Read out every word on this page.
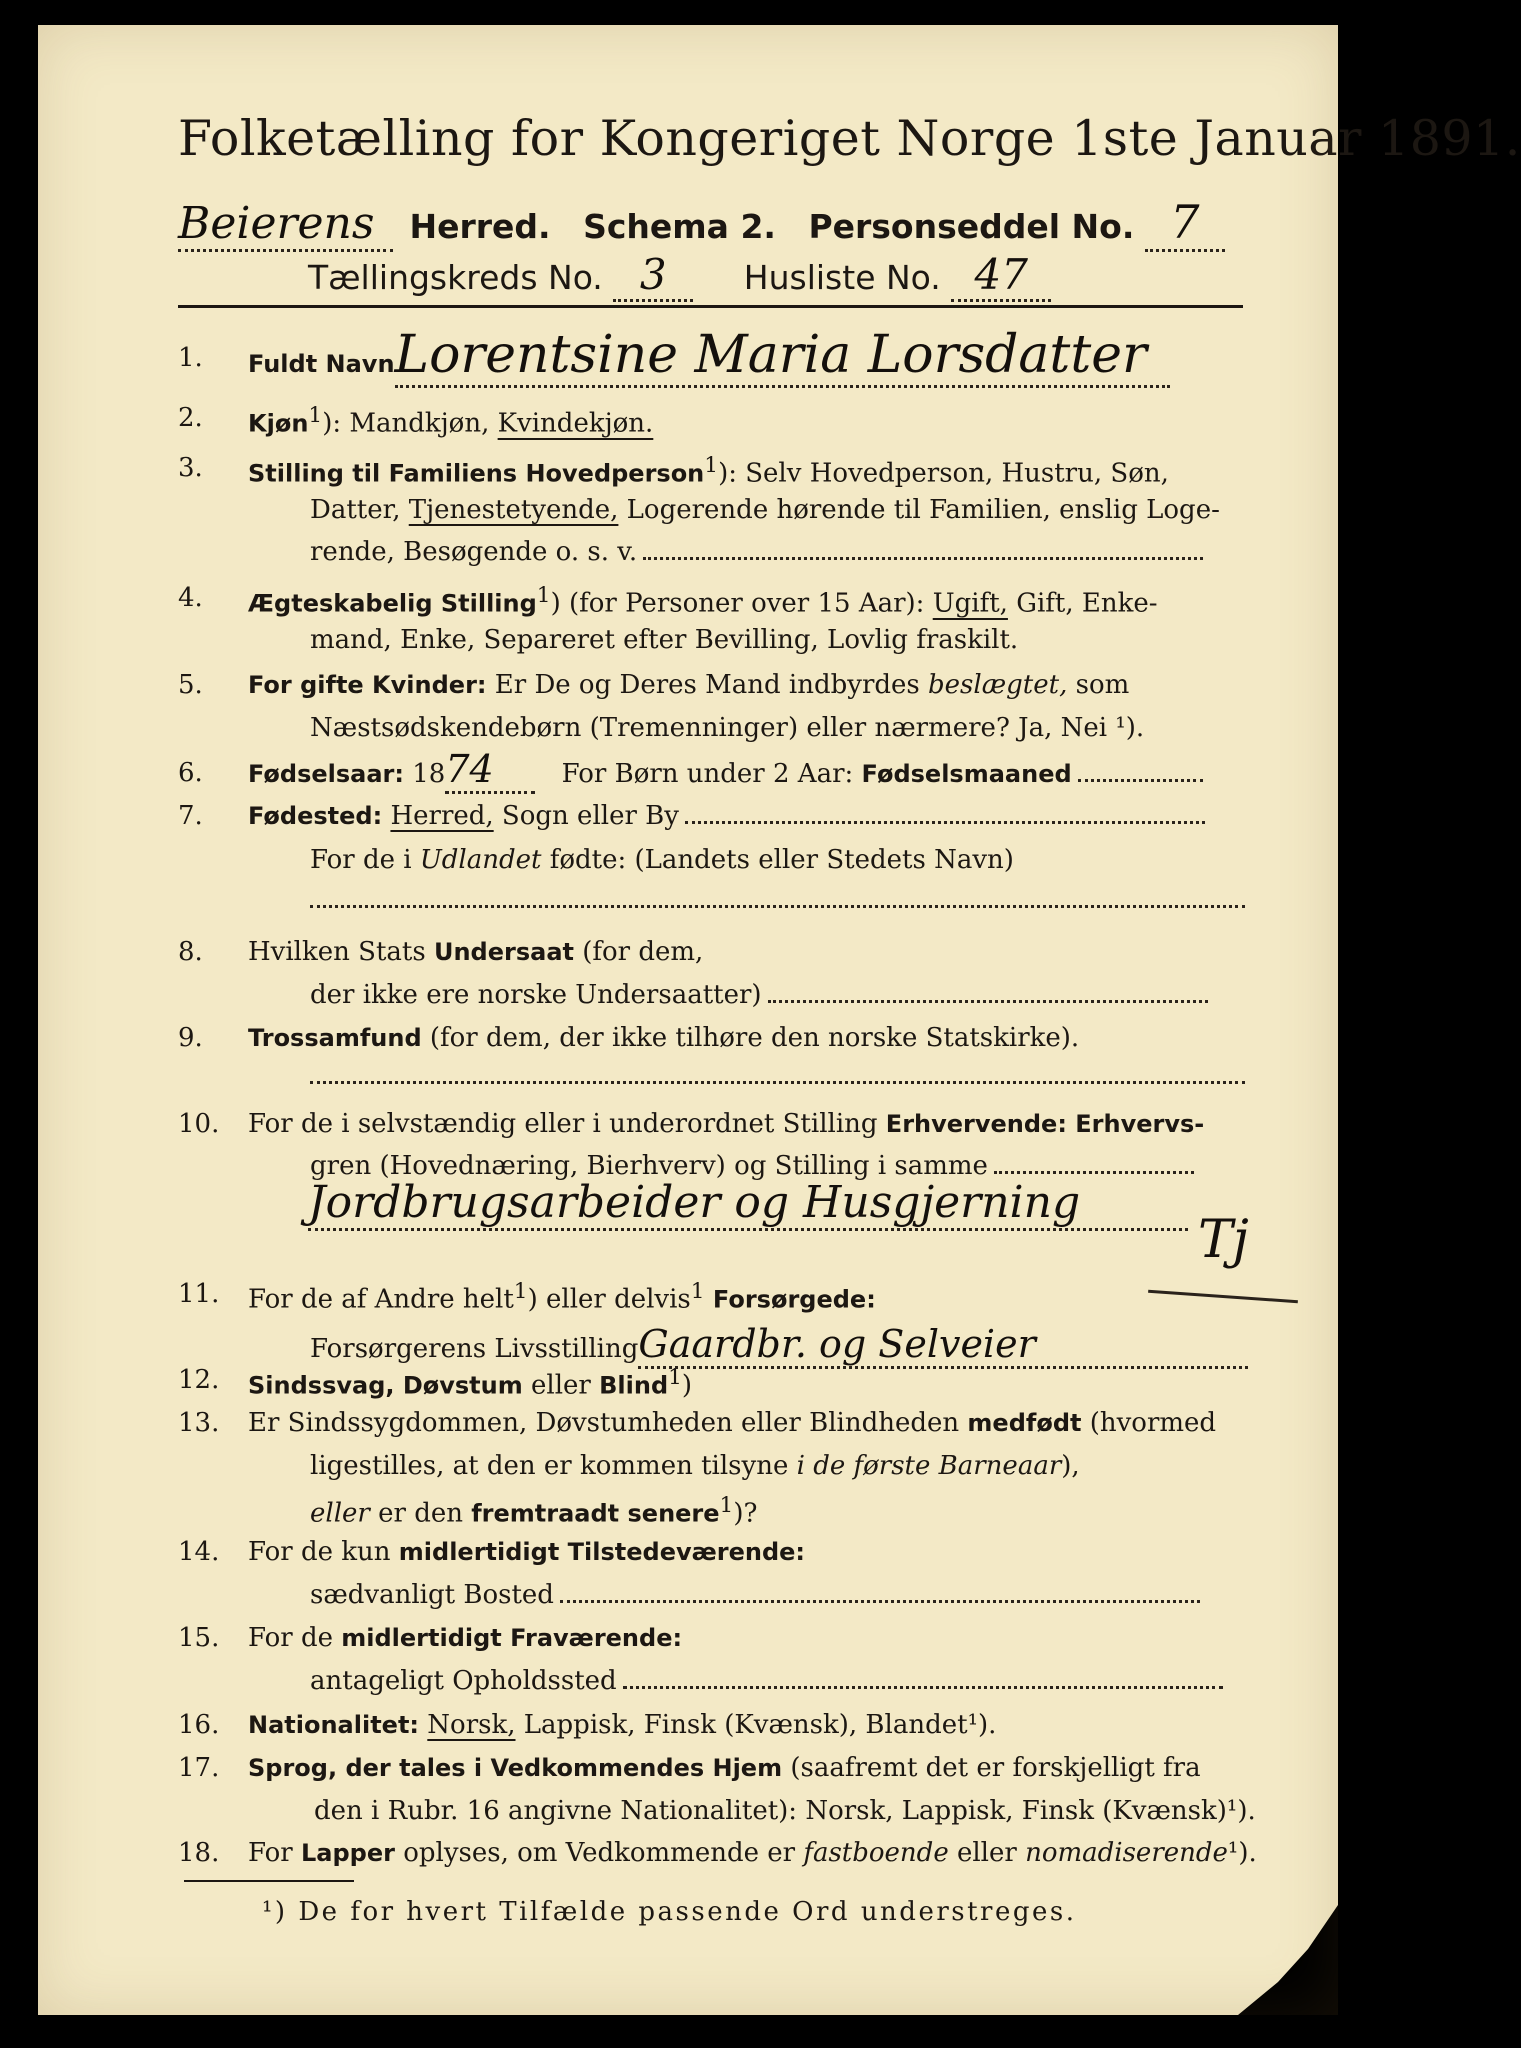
Folketælling for Kongeriget Norge 1ste Januar 1891.
Beierens Herred. Schema 2. Personseddel No. 7
Tællingskreds No. 3 Husliste No. 47
1.	Fuldt NavnLorentsine Maria Lorsdatter
2.	Kjøn$^1$): Mandkjøn, Kvindekjøn.
3.	Stilling til Familiens Hovedperson$^1$): Selv Hovedperson, Hustru, Søn,
Datter, Tjenestetyende, Logerende hørende til Familien, enslig Loge-
rende, Besøgende o. s. v.
4.	Ægteskabelig Stilling$^1$) (for Personer over 15 Aar): Ugift, Gift, Enke-
mand, Enke, Separeret efter Bevilling, Lovlig fraskilt.
5.	For gifte Kvinder: Er De og Deres Mand indbyrdes beslægtet, som
Næstsødskendebørn (Tremenninger) eller nærmere? Ja, Nei ¹).
6.	Fødselsaar: 1874	For Børn under 2 Aar: Fødselsmaaned
7.	Fødested: Herred, Sogn eller By
For de i Udlandet fødte: (Landets eller Stedets Navn)
8.	Hvilken Stats Undersaat (for dem,
der ikke ere norske Undersaatter)
9.	Trossamfund (for dem, der ikke tilhøre den norske Statskirke).
10.	For de i selvstændig eller i underordnet Stilling Erhvervende: Erhvervs-
gren (Hovednæring, Bierhverv) og Stilling i samme
Jordbrugsarbeider og Husgjerning
Tj
11.	For de af Andre helt$^1$) eller delvis$^1$ Forsørgede:
Forsørgerens LivsstillingGaardbr. og Selveier
12.	Sindssvag, Døvstum eller Blind$^1$)
13.	Er Sindssygdommen, Døvstumheden eller Blindheden medfødt (hvormed
ligestilles, at den er kommen tilsyne i de første Barneaar),
eller er den fremtraadt senere$^1$)?
14.	For de kun midlertidigt Tilstedeværende:
sædvanligt Bosted
15.	For de midlertidigt Fraværende:
antageligt Opholdssted
16.	Nationalitet: Norsk, Lappisk, Finsk (Kvænsk), Blandet¹).
17.	Sprog, der tales i Vedkommendes Hjem (saafremt det er forskjelligt fra
den i Rubr. 16 angivne Nationalitet): Norsk, Lappisk, Finsk (Kvænsk)¹).
18.	For Lapper oplyses, om Vedkommende er fastboende eller nomadiserende¹).
¹) De for hvert Tilfælde passende Ord understreges.
